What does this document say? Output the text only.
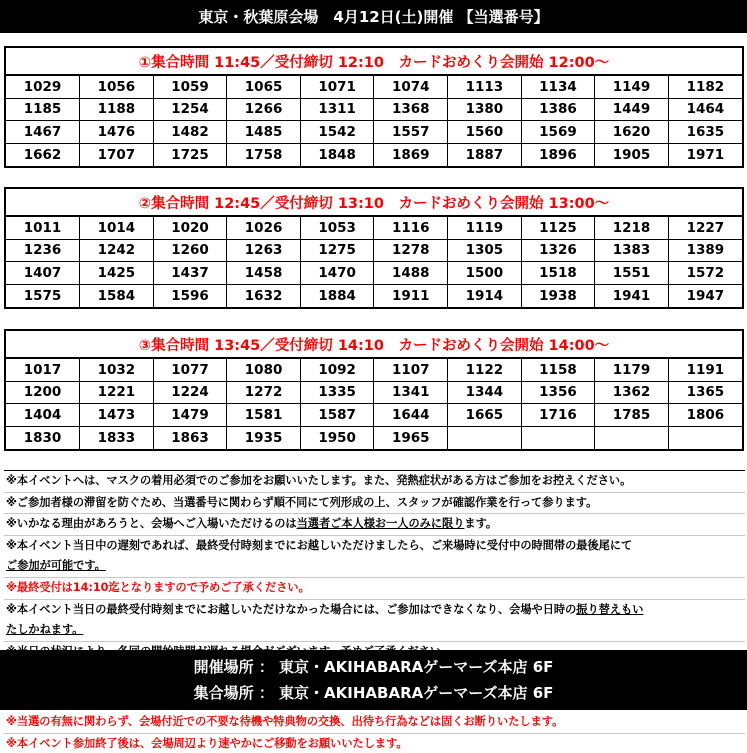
東京・秋葉原会場　4月12日(土)開催 【当選番号】
①集合時間 11:45／受付締切 12:10　カードおめくり会開始 12:00～
1029	1056	1059	1065	1071	1074	1113	1134	1149	1182
1185	1188	1254	1266	1311	1368	1380	1386	1449	1464
1467	1476	1482	1485	1542	1557	1560	1569	1620	1635
1662	1707	1725	1758	1848	1869	1887	1896	1905	1971
②集合時間 12:45／受付締切 13:10　カードおめくり会開始 13:00～
1011	1014	1020	1026	1053	1116	1119	1125	1218	1227
1236	1242	1260	1263	1275	1278	1305	1326	1383	1389
1407	1425	1437	1458	1470	1488	1500	1518	1551	1572
1575	1584	1596	1632	1884	1911	1914	1938	1941	1947
③集合時間 13:45／受付締切 14:10　カードおめくり会開始 14:00～
1017	1032	1077	1080	1092	1107	1122	1158	1179	1191
1200	1221	1224	1272	1335	1341	1344	1356	1362	1365
1404	1473	1479	1581	1587	1644	1665	1716	1785	1806
1830	1833	1863	1935	1950	1965				
※本イベントへは、マスクの着用必須でのご参加をお願いいたします。また、発熱症状がある方はご参加をお控えください。
※ご参加者様の滞留を防ぐため、当選番号に関わらず順不同にて列形成の上、スタッフが確認作業を行って参ります。
※いかなる理由があろうと、会場へご入場いただけるのは当選者ご本人様お一人のみに限ります。
※本イベント当日中の遅刻であれば、最終受付時刻までにお越しいただけましたら、ご来場時に受付中の時間帯の最後尾にて
ご参加が可能です。
※最終受付は14:10迄となりますので予めご了承ください。
※本イベント当日の最終受付時刻までにお越しいただけなかった場合には、ご参加はできなくなり、会場や日時の振り替えもい
たしかねます。
開催場所 ： 東京・AKIHABARAゲーマーズ本店 6F
集合場所 ： 東京・AKIHABARAゲーマーズ本店 6F
※当選の有無に関わらず、会場付近での不要な待機や特典物の交換、出待ち行為などは固くお断りいたします。
※本イベント参加終了後は、会場周辺より速やかにご移動をお願いいたします。
